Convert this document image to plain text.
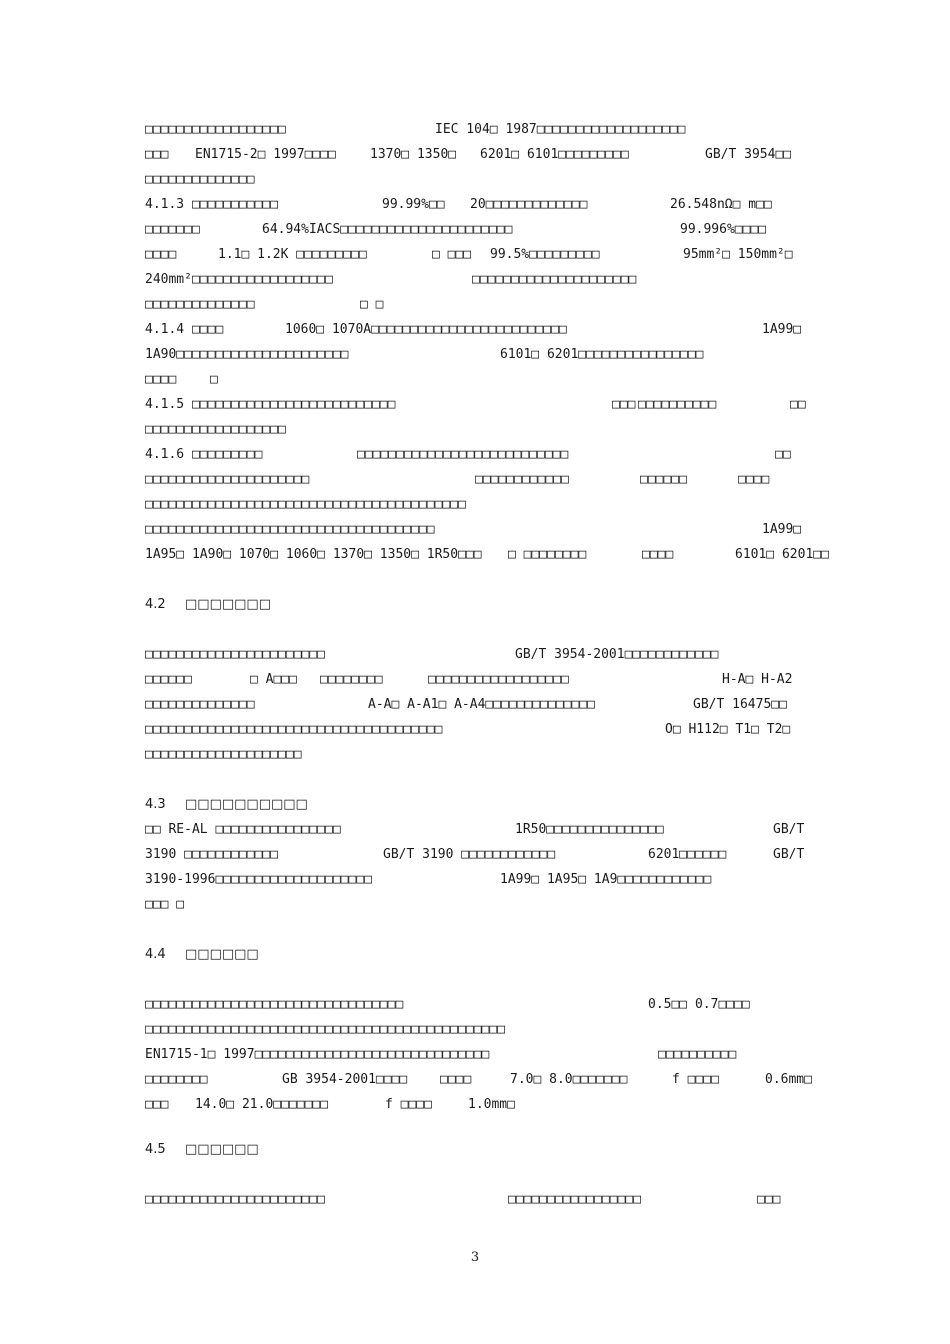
□□□□□□□□□□□□□□□□□□	IEC 104□ 1987□□□□□□□□□□□□□□□□□□□
□□□ EN1715-2□ 1997□□□□	1370□ 1350□ 6201□ 6101□□□□□□□□□	GB/T 3954□□
□□□□□□□□□□□□□□
4.1.3 □□□□□□□□□□□	99.99%□□ 20□□□□□□□□□□□□□	26.548nΩ□ m□□
□□□□□□□	64.94%IACS□□□□□□□□□□□□□□□□□□□□□□	99.996%□□□□
□□□□	1.1□ 1.2K □□□□□□□□□	□ □□□ 99.5%□□□□□□□□□	95mm²□ 150mm²□
240mm²□□□□□□□□□□□□□□□□□□	□□□□□□□□□□□□□□□□□□□□□
□□□□□□□□□□□□□□	□ □
4.1.4 □□□□	1060□ 1070A□□□□□□□□□□□□□□□□□□□□□□□□□	1A99□
1A90□□□□□□□□□□□□□□□□□□□□□□	6101□ 6201□□□□□□□□□□□□□□□□
□□□□	□
4.1.5 □□□□□□□□□□□□□□□□□□□□□□□□□□	□□□ □□□□□□□□□□	□□
□□□□□□□□□□□□□□□□□□
4.1.6 □□□□□□□□□	□□□□□□□□□□□□□□□□□□□□□□□□□□□	□□
□□□□□□□□□□□□□□□□□□□□□	□□□□□□□□□□□□	□□□□□□	□□□□
□□□□□□□□□□□□□□□□□□□□□□□□□□□□□□□□□□□□□□□□□
□□□□□□□□□□□□□□□□□□□□□□□□□□□□□□□□□□□□□	1A99□
1A95□ 1A90□ 1070□ 1060□ 1370□ 1350□ 1R50□□□ □ □□□□□□□□	□□□□	6101□ 6201□□
4.2 □□□□□□□
□□□□□□□□□□□□□□□□□□□□□□□	GB/T 3954-2001□□□□□□□□□□□□
□□□□□□	□ A□□□ □□□□□□□□	□□□□□□□□□□□□□□□□□□	H-A□ H-A2
□□□□□□□□□□□□□□	A-A□ A-A1□ A-A4□□□□□□□□□□□□□□	GB/T 16475□□
□□□□□□□□□□□□□□□□□□□□□□□□□□□□□□□□□□□□□□	O□ H112□ T1□ T2□
□□□□□□□□□□□□□□□□□□□□
4.3 □□□□□□□□□□
□□ RE-AL □□□□□□□□□□□□□□□□	1R50□□□□□□□□□□□□□□□	GB/T
3190 □□□□□□□□□□□□	GB/T 3190 □□□□□□□□□□□□	6201□□□□□□	GB/T
3190-1996□□□□□□□□□□□□□□□□□□□□	1A99□ 1A95□ 1A9□□□□□□□□□□□□
□□□ □
4.4 □□□□□□
□□□□□□□□□□□□□□□□□□□□□□□□□□□□□□□□□	0.5□□ 0.7□□□□
□□□□□□□□□□□□□□□□□□□□□□□□□□□□□□□□□□□□□□□□□□□□□□
EN1715-1□ 1997□□□□□□□□□□□□□□□□□□□□□□□□□□□□□□	□□□□□□□□□□
□□□□□□□□	GB 3954-2001□□□□	□□□□	7.0□ 8.0□□□□□□□	f □□□□	0.6mm□
□□□ 14.0□ 21.0□□□□□□□	f □□□□	1.0mm□
4.5 □□□□□□
□□□□□□□□□□□□□□□□□□□□□□□	□□□□□□□□□□□□□□□□□	□□□
3
